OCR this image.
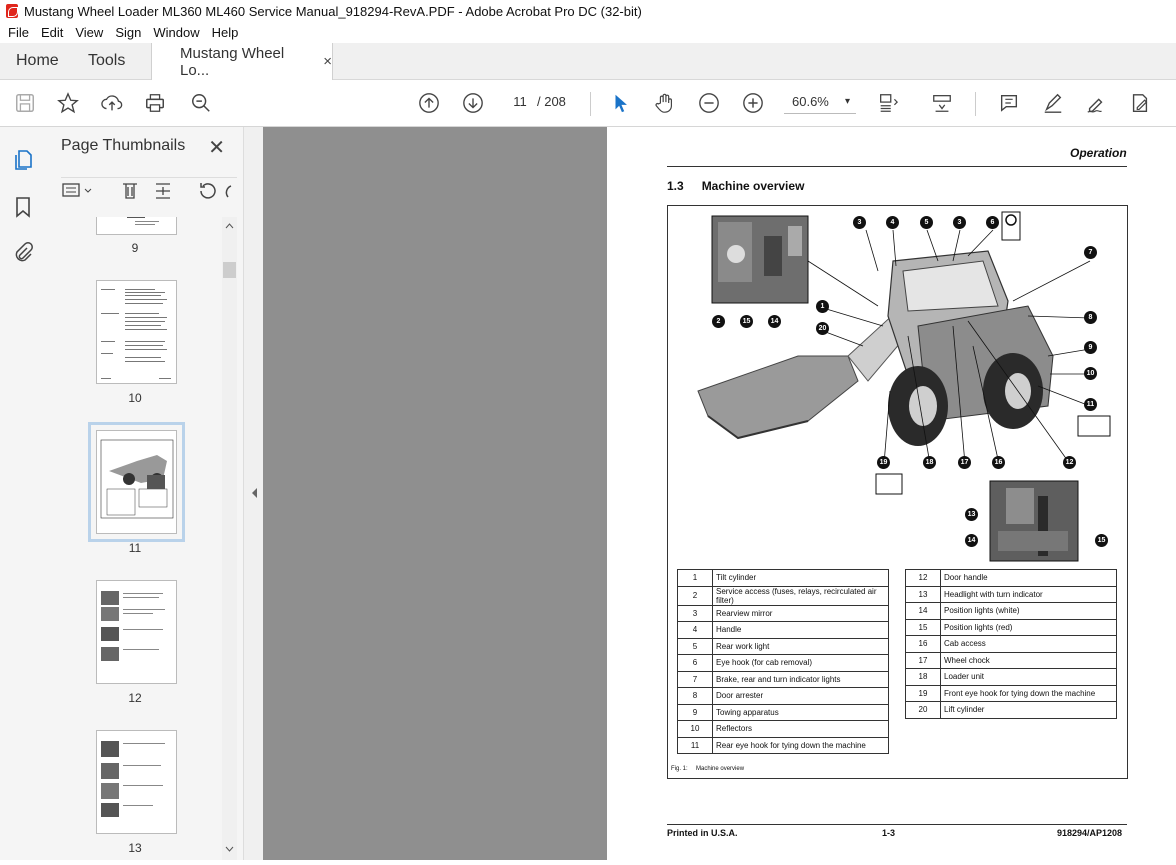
Mustang Wheel Loader ML360 ML460 Service Manual_918294-RevA.PDF - Adobe Acrobat Pro DC (32-bit)
File Edit View Sign Window Help
Home Tools	Mustang Wheel Lo...	×
11 / 208	60.6% ▾
Page Thumbnails ✕
9
10
11
12
13
Operation
1.3 Machine overview
3	4	5	3	6
7
8
9
10
11
12
1
20
2	15	14
19	18	17	16
13
14	15
1	Tilt cylinder
2	Service access (fuses, relays, recirculated air filter)
3	Rearview mirror
4	Handle
5	Rear work light
6	Eye hook (for cab removal)
7	Brake, rear and turn indicator lights
8	Door arrester
9	Towing apparatus
10	Reflectors
11	Rear eye hook for tying down the machine
12	Door handle
13	Headlight with turn indicator
14	Position lights (white)
15	Position lights (red)
16	Cab access
17	Wheel chock
18	Loader unit
19	Front eye hook for tying down the machine
20	Lift cylinder
Fig. 1: Machine overview
Printed in U.S.A.	1-3	918294/AP1208
